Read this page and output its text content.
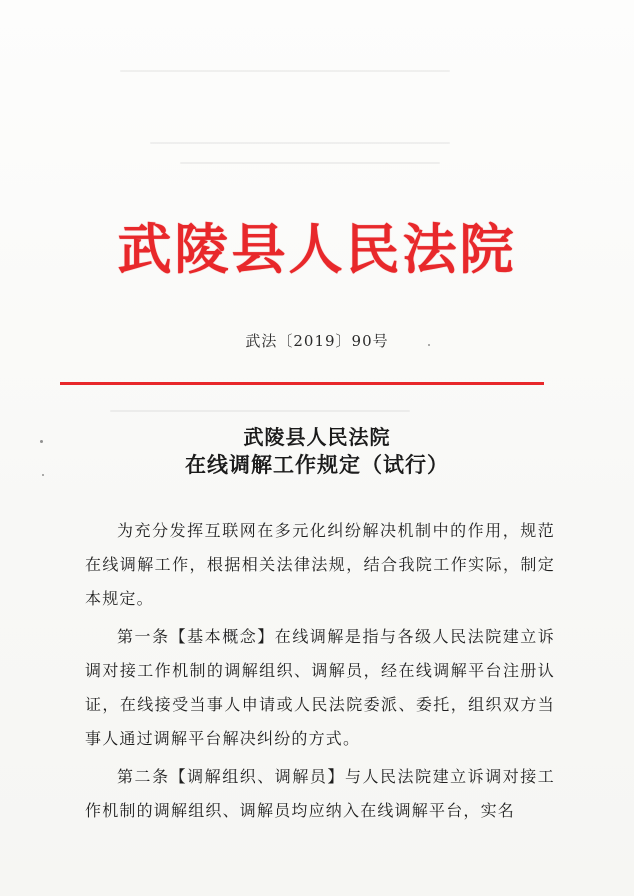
武陵县人民法院
武法〔2019〕90号
武陵县人民法院
在线调解工作规定（试行）

为充分发挥互联网在多元化纠纷解决机制中的作用，规范在线调解工作，根据相关法律法规，结合我院工作实际，制定本规定。

第一条【基本概念】在线调解是指与各级人民法院建立诉调对接工作机制的调解组织、调解员，经在线调解平台注册认证，在线接受当事人申请或人民法院委派、委托，组织双方当事人通过调解平台解决纠纷的方式。

第二条【调解组织、调解员】与人民法院建立诉调对接工作机制的调解组织、调解员均应纳入在线调解平台，实名
